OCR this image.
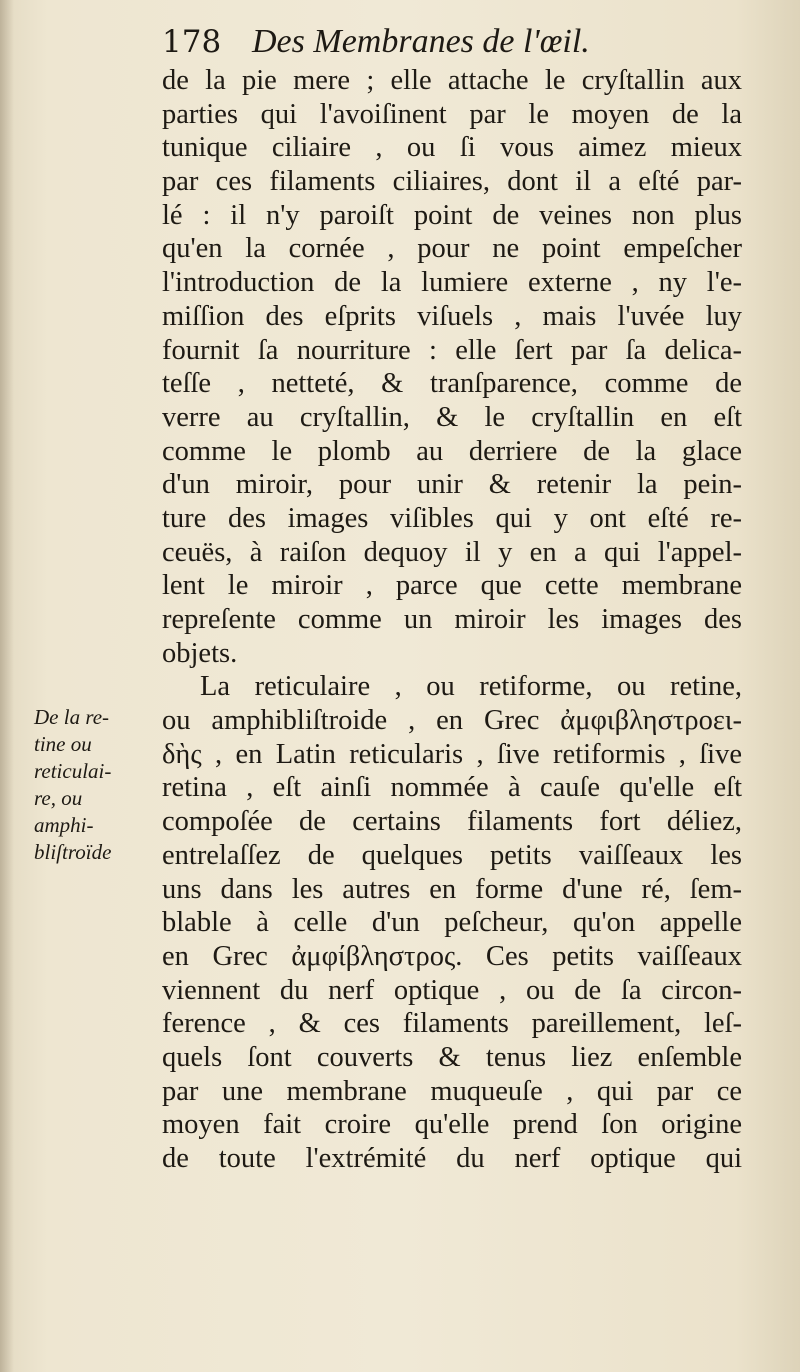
178 Des Membranes de l'œil.
De la re-
tine ou
reticulai-
re, ou
amphi-
bliſtroïde
de la pie mere ; elle attache le cryſtallin aux
parties qui l'avoiſinent par le moyen de la
tunique ciliaire , ou ſi vous aimez mieux
par ces filaments ciliaires, dont il a eſté par-
lé : il n'y paroiſt point de veines non plus
qu'en la cornée , pour ne point empeſcher
l'introduction de la lumiere externe , ny l'e-
miſſion des eſprits viſuels , mais l'uvée luy
fournit ſa nourriture : elle ſert par ſa delica-
teſſe , netteté, & tranſparence, comme de
verre au cryſtallin, & le cryſtallin en eſt
comme le plomb au derriere de la glace
d'un miroir, pour unir & retenir la pein-
ture des images viſibles qui y ont eſté re-
ceuës, à raiſon dequoy il y en a qui l'appel-
lent le miroir , parce que cette membrane
repreſente comme un miroir les images des
objets.
La reticulaire , ou retiforme, ou retine,
ou amphibliſtroide , en Grec ἀμφιβληστροει-
δὴς , en Latin reticularis , ſive retiformis , ſive
retina , eſt ainſi nommée à cauſe qu'elle eſt
compoſée de certains filaments fort déliez,
entrelaſſez de quelques petits vaiſſeaux les
uns dans les autres en forme d'une ré, ſem-
blable à celle d'un peſcheur, qu'on appelle
en Grec ἀμφίβληστρος. Ces petits vaiſſeaux
viennent du nerf optique , ou de ſa circon-
ference , & ces filaments pareillement, leſ-
quels ſont couverts & tenus liez enſemble
par une membrane muqueuſe , qui par ce
moyen fait croire qu'elle prend ſon origine
de toute l'extrémité du nerf optique qui
